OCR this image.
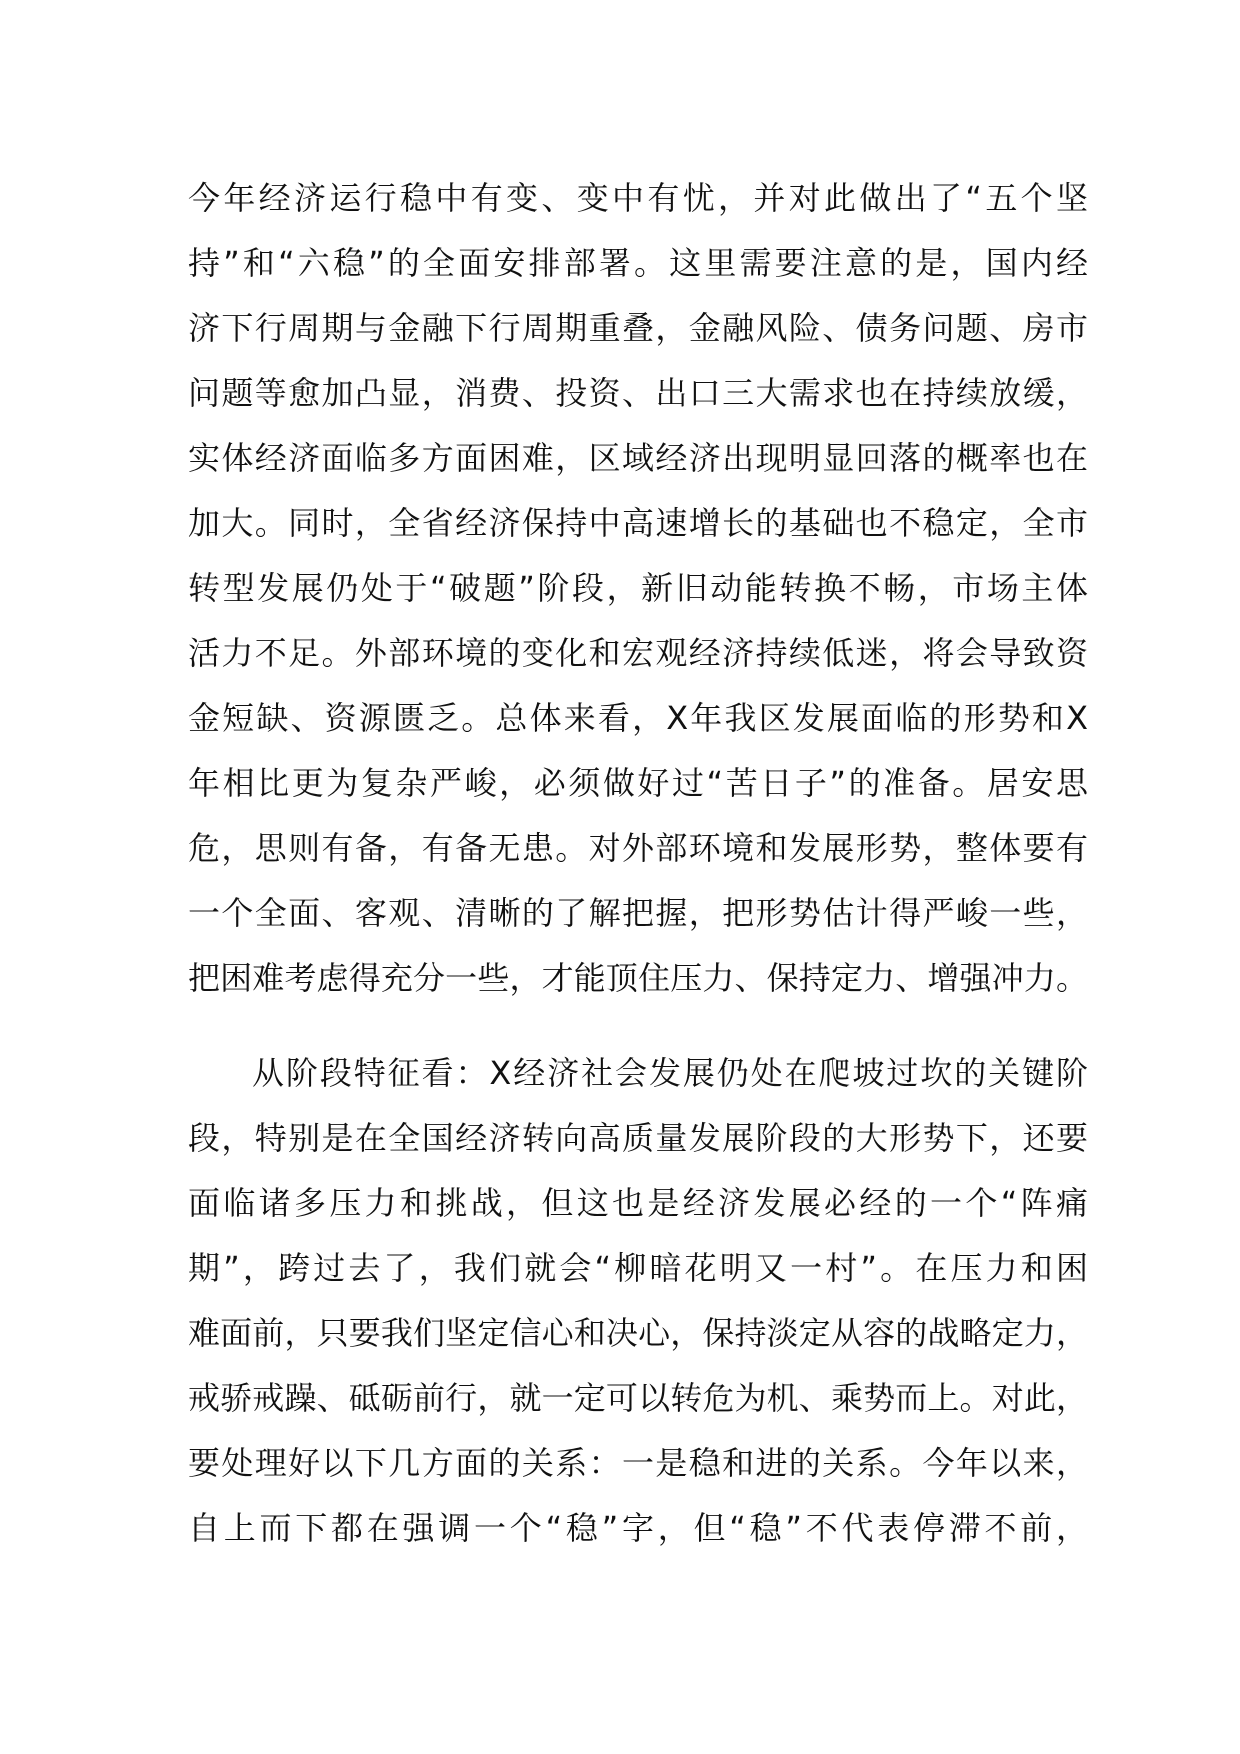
今年经济运行稳中有变、变中有忧，并对此做出了“五个坚
持”和“六稳”的全面安排部署。这里需要注意的是，国内经
济下行周期与金融下行周期重叠，金融风险、债务问题、房市
问题等愈加凸显，消费、投资、出口三大需求也在持续放缓，
实体经济面临多方面困难，区域经济出现明显回落的概率也在
加大。同时，全省经济保持中高速增长的基础也不稳定，全市
转型发展仍处于“破题”阶段，新旧动能转换不畅，市场主体
活力不足。外部环境的变化和宏观经济持续低迷，将会导致资
金短缺、资源匮乏。总体来看，X年我区发展面临的形势和X
年相比更为复杂严峻，必须做好过“苦日子”的准备。居安思
危，思则有备，有备无患。对外部环境和发展形势，整体要有
一个全面、客观、清晰的了解把握，把形势估计得严峻一些，
把困难考虑得充分一些，才能顶住压力、保持定力、增强冲力。
从阶段特征看：X经济社会发展仍处在爬坡过坎的关键阶
段，特别是在全国经济转向高质量发展阶段的大形势下，还要
面临诸多压力和挑战，但这也是经济发展必经的一个“阵痛
期”，跨过去了，我们就会“柳暗花明又一村”。在压力和困
难面前，只要我们坚定信心和决心，保持淡定从容的战略定力，
戒骄戒躁、砥砺前行，就一定可以转危为机、乘势而上。对此，
要处理好以下几方面的关系：一是稳和进的关系。今年以来，
自上而下都在强调一个“稳”字，但“稳”不代表停滞不前，
